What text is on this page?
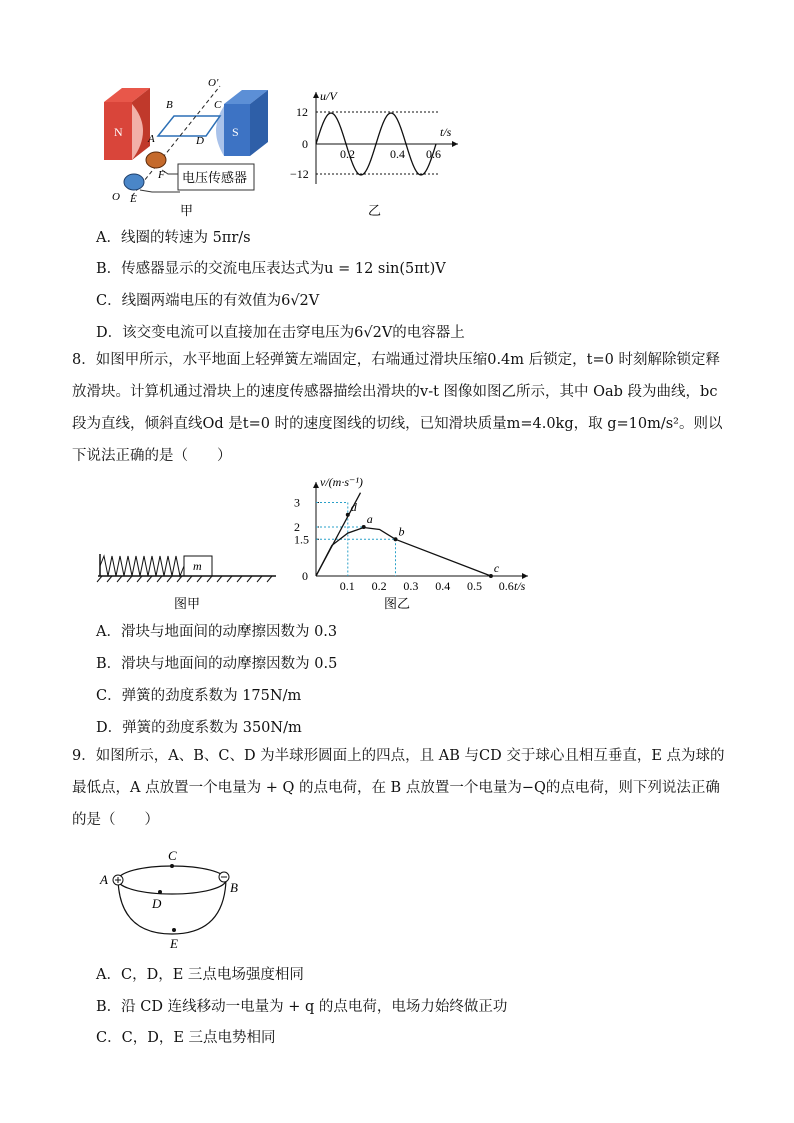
N	S
电压传感器
O'
B	C
A	D
F
O E
甲
u/V
t/s
12
0
−12
0.2	0.4 0.6
乙
A．线圈的转速为 5πr/s
B．传感器显示的交流电压表达式为u = 12 sin(5πt)V
C．线圈两端电压的有效值为6√2V
D．该交变电流可以直接加在击穿电压为6√2V的电容器上
8．如图甲所示，水平地面上轻弹簧左端固定，右端通过滑块压缩0.4m 后锁定，t=0 时刻解除锁定释放滑块。计算机通过滑块上的速度传感器描绘出滑块的v-t 图像如图乙所示，其中 Oab 段为曲线，bc 段为直线，倾斜直线Od 是t=0 时的速度图线的切线，已知滑块质量m=4.0kg，取 g=10m/s²。则以下说法正确的是（　　）
m
图甲
3
2
1.5
0
0.1 0.2 0.3 0.4 0.5 0.6
v/(m·s⁻¹)
t/s
d
a
b
c
图乙
A．滑块与地面间的动摩擦因数为 0.3
B．滑块与地面间的动摩擦因数为 0.5
C．弹簧的劲度系数为 175N/m
D．弹簧的劲度系数为 350N/m
9．如图所示，A、B、C、D 为半球形圆面上的四点，且 AB 与CD 交于球心且相互垂直，E 点为球的最低点，A 点放置一个电量为 + Q 的点电荷，在 B 点放置一个电量为−Q的点电荷，则下列说法正确的是（　　）
A
B
C
D
E
A．C，D，E 三点电场强度相同
B．沿 CD 连线移动一电量为 + q 的点电荷，电场力始终做正功
C．C，D，E 三点电势相同
